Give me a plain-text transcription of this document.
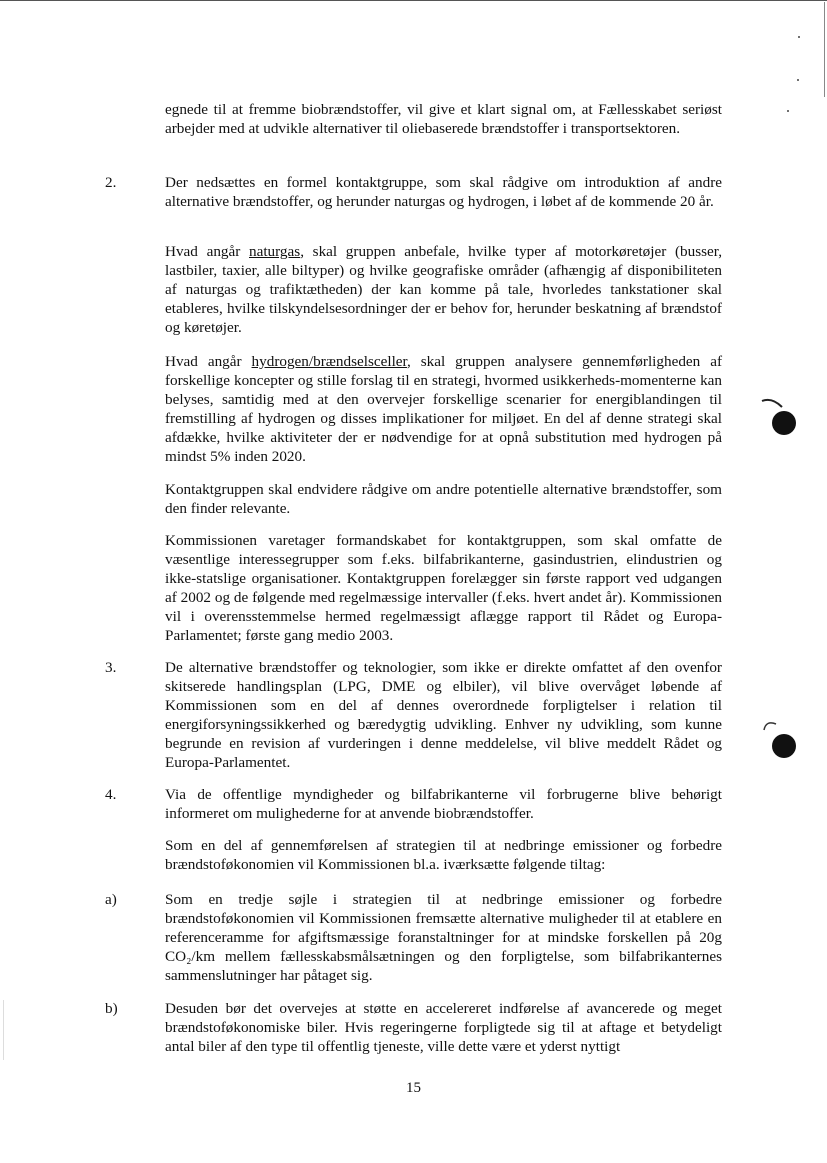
egnede til at fremme biobrændstoffer, vil give et klart signal om, at Fællesskabet seriøst arbejder med at udvikle alternativer til oliebaserede brændstoffer i transportsektoren.

2.	Der nedsættes en formel kontaktgruppe, som skal rådgive om introduktion af andre alternative brændstoffer, og herunder naturgas og hydrogen, i løbet af de kommende 20 år.

Hvad angår naturgas, skal gruppen anbefale, hvilke typer af motorkøretøjer (busser, lastbiler, taxier, alle biltyper) og hvilke geografiske områder (afhængig af disponibiliteten af naturgas og trafiktætheden) der kan komme på tale, hvorledes tankstationer skal etableres, hvilke tilskyndelsesordninger der er behov for, herunder beskatning af brændstof og køretøjer.

Hvad angår hydrogen/brændselsceller, skal gruppen analysere gennemførligheden af forskellige koncepter og stille forslag til en strategi, hvormed usikkerheds-momenterne kan belyses, samtidig med at den overvejer forskellige scenarier for energiblandingen til fremstilling af hydrogen og disses implikationer for miljøet. En del af denne strategi skal afdække, hvilke aktiviteter der er nødvendige for at opnå substitution med hydrogen på mindst 5% inden 2020.

Kontaktgruppen skal endvidere rådgive om andre potentielle alternative brændstoffer, som den finder relevante.

Kommissionen varetager formandskabet for kontaktgruppen, som skal omfatte de væsentlige interessegrupper som f.eks. bilfabrikanterne, gasindustrien, elindustrien og ikke-statslige organisationer. Kontaktgruppen forelægger sin første rapport ved udgangen af 2002 og de følgende med regelmæssige intervaller (f.eks. hvert andet år). Kommissionen vil i overensstemmelse hermed regelmæssigt aflægge rapport til Rådet og Europa-Parlamentet; første gang medio 2003.

3.	De alternative brændstoffer og teknologier, som ikke er direkte omfattet af den ovenfor skitserede handlingsplan (LPG, DME og elbiler), vil blive overvåget løbende af Kommissionen som en del af dennes overordnede forpligtelser i relation til energiforsyningssikkerhed og bæredygtig udvikling. Enhver ny udvikling, som kunne begrunde en revision af vurderingen i denne meddelelse, vil blive meddelt Rådet og Europa-Parlamentet.

4.	Via de offentlige myndigheder og bilfabrikanterne vil forbrugerne blive behørigt informeret om mulighederne for at anvende biobrændstoffer.

Som en del af gennemførelsen af strategien til at nedbringe emissioner og forbedre brændstoføkonomien vil Kommissionen bl.a. iværksætte følgende tiltag:

a)	Som en tredje søjle i strategien til at nedbringe emissioner og forbedre brændstoføkonomien vil Kommissionen fremsætte alternative muligheder til at etablere en referenceramme for afgiftsmæssige foranstaltninger for at mindske forskellen på 20g CO₂/km mellem fællesskabsmålsætningen og den forpligtelse, som bilfabrikanternes sammenslutninger har påtaget sig.

b)	Desuden bør det overvejes at støtte en accelereret indførelse af avancerede og meget brændstoføkonomiske biler. Hvis regeringerne forpligtede sig til at aftage et betydeligt antal biler af den type til offentlig tjeneste, ville dette være et yderst nyttigt

15
